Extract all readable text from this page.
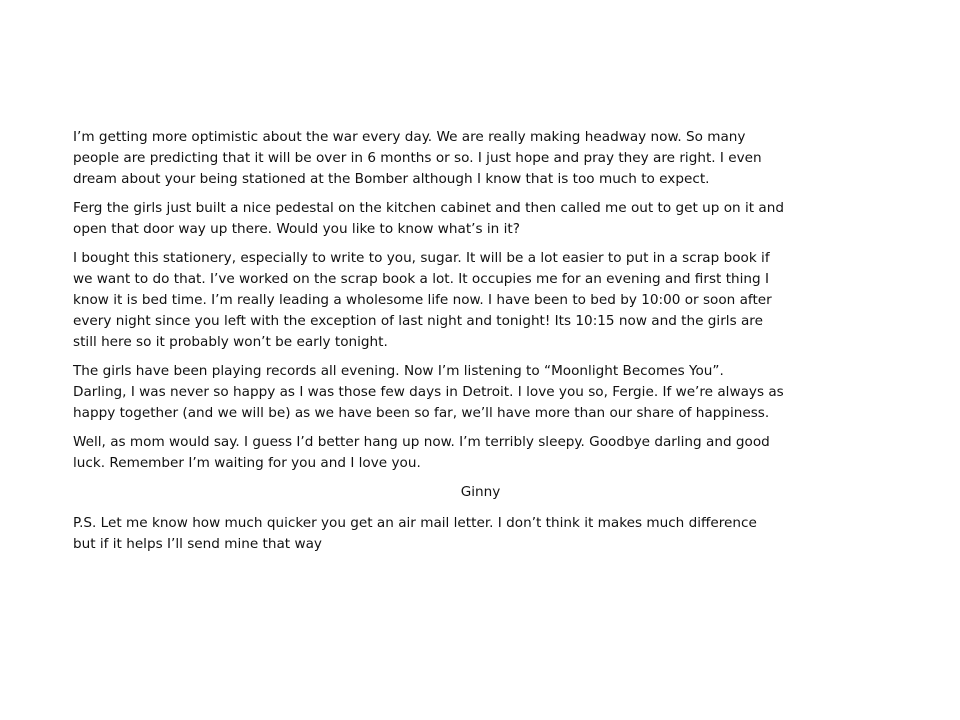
I’m getting more optimistic about the war every day. We are really making headway now. So many
people are predicting that it will be over in 6 months or so. I just hope and pray they are right. I even
dream about your being stationed at the Bomber although I know that is too much to expect.
Ferg the girls just built a nice pedestal on the kitchen cabinet and then called me out to get up on it and
open that door way up there. Would you like to know what’s in it?
I bought this stationery, especially to write to you, sugar. It will be a lot easier to put in a scrap book if
we want to do that. I’ve worked on the scrap book a lot. It occupies me for an evening and first thing I
know it is bed time. I’m really leading a wholesome life now. I have been to bed by 10:00 or soon after
every night since you left with the exception of last night and tonight! Its 10:15 now and the girls are
still here so it probably won’t be early tonight.
The girls have been playing records all evening. Now I’m listening to “Moonlight Becomes You”.
Darling, I was never so happy as I was those few days in Detroit. I love you so, Fergie. If we’re always as
happy together (and we will be) as we have been so far, we’ll have more than our share of happiness.
Well, as mom would say. I guess I’d better hang up now. I’m terribly sleepy. Goodbye darling and good
luck. Remember I’m waiting for you and I love you.
Ginny
P.S. Let me know how much quicker you get an air mail letter. I don’t think it makes much difference
but if it helps I’ll send mine that way
